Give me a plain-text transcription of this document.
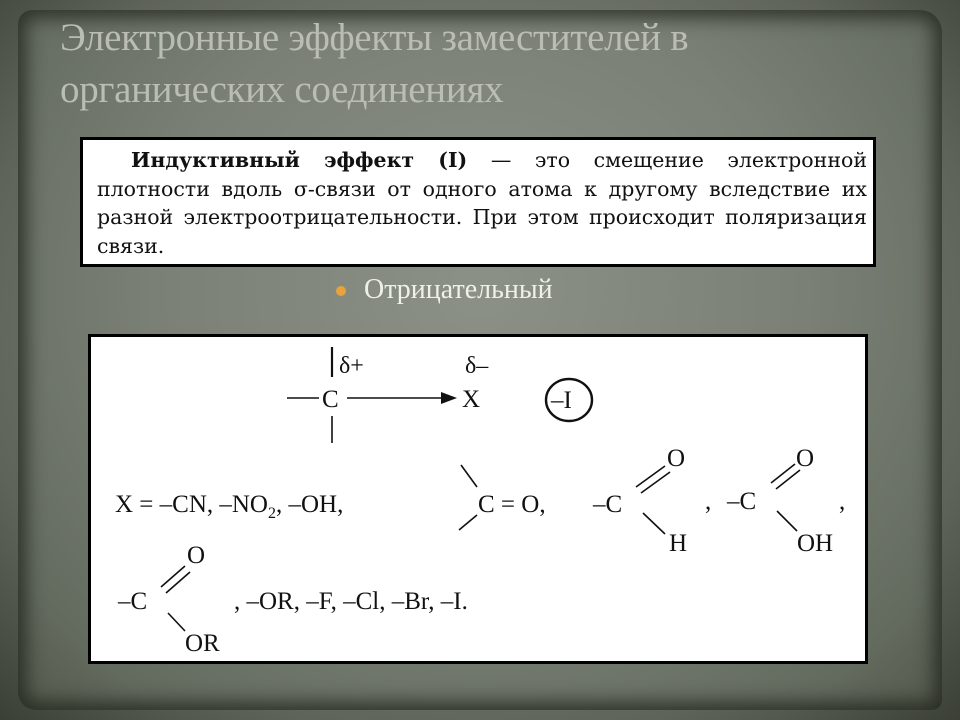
Электронные эффекты заместителей в органических соединениях
Индуктивный эффект (I) — это смещение электронной плотности вдоль σ-связи от одного атома к другому вследствие их разной электроотрицательности. При этом происходит поляризация связи.
Отрицательный
δ+	δ–
C	X	–I
X = –CN, $-NO_2$, –OH,	C = O, –C
O
H
, –C
O
OH
,
O
–C
OR
, –OR, –F, –Cl, –Br, –I.
